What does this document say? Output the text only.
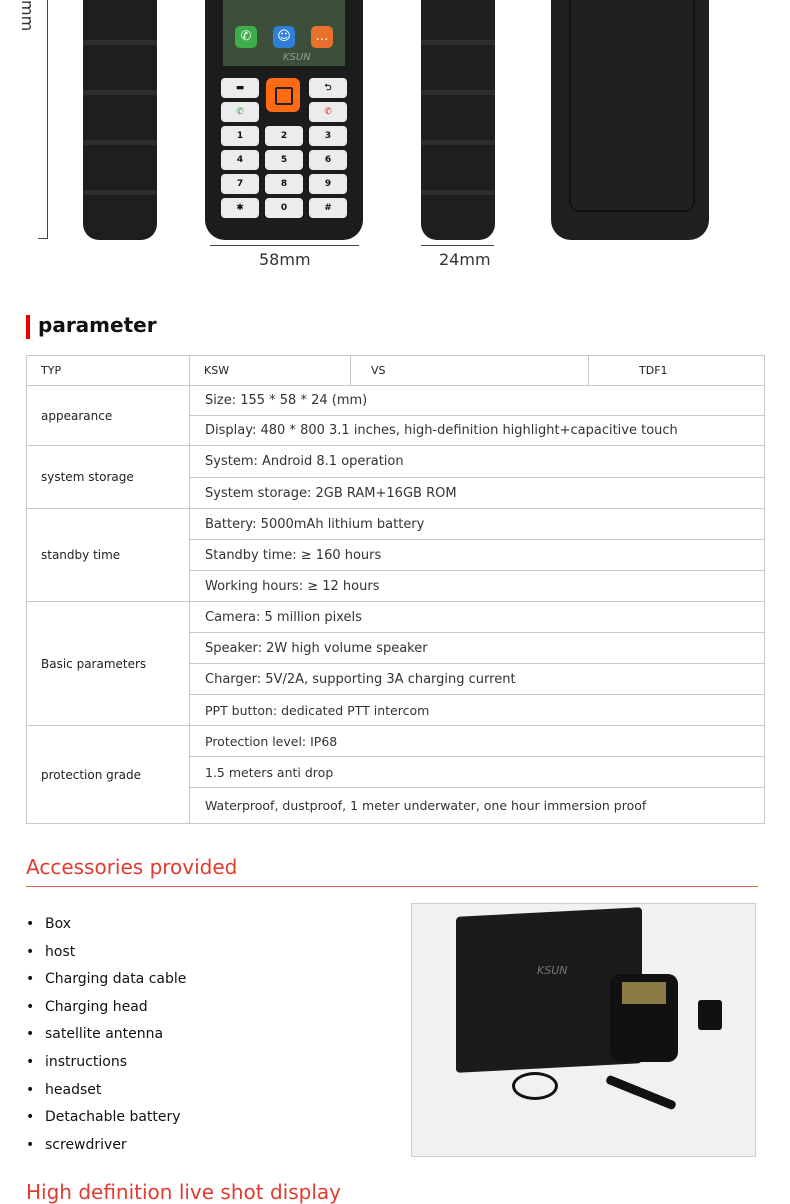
mm
✆	☺	…
KSUN
▬	⮌
✆	✆
1	2	3
4	5	6
7	8	9
✱	0	#
58mm	24mm
parameter
TYP	KSW	VS	TDF1
appearance	Size: 155 * 58 * 24 (mm)		
	Display: 480 * 800 3.1 inches, high-definition highlight+capacitive touch		
system storage	System: Android 8.1 operation		
	System storage: 2GB RAM+16GB ROM		
standby time	Battery: 5000mAh lithium battery		
	Standby time: ≥ 160 hours		
	Working hours: ≥ 12 hours		
Basic parameters	Camera: 5 million pixels		
	Speaker: 2W high volume speaker		
	Charger: 5V/2A, supporting 3A charging current		
	PPT button: dedicated PTT intercom		
protection grade	Protection level: IP68		
	1.5 meters anti drop		
	Waterproof, dustproof, 1 meter underwater, one hour immersion proof		
Accessories provided
• Box
• host
• Charging data cable
• Charging head
• satellite antenna
• instructions
• headset
• Detachable battery
• screwdriver
KSUN
High definition live shot display
